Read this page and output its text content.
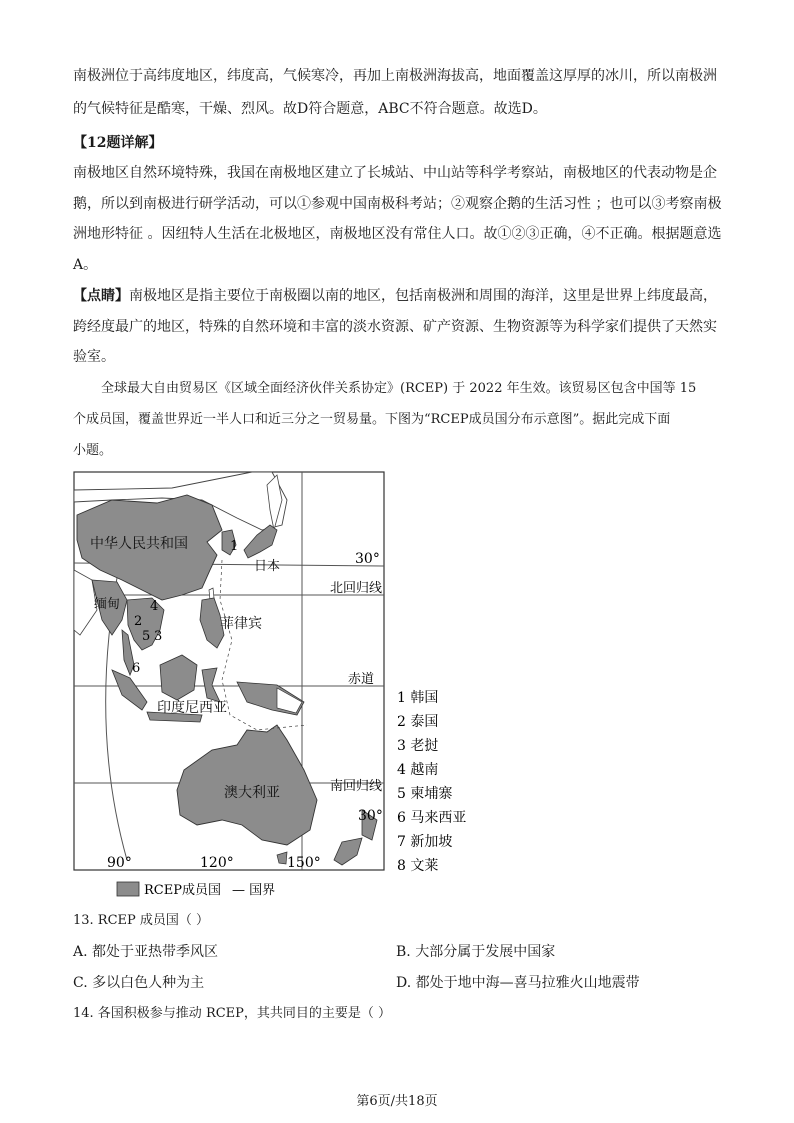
南极洲位于高纬度地区，纬度高，气候寒冷，再加上南极洲海拔高，地面覆盖这厚厚的冰川，所以南极洲
的气候特征是酷寒，干燥、烈风。故D符合题意，ABC不符合题意。故选D。
【12题详解】
南极地区自然环境特殊，我国在南极地区建立了长城站、中山站等科学考察站，南极地区的代表动物是企
鹅，所以到南极进行研学活动，可以①参观中国南极科考站；②观察企鹅的生活习性 ；也可以③考察南极
洲地形特征 。因纽特人生活在北极地区，南极地区没有常住人口。故①②③正确，④不正确。根据题意选
A。
【点睛】南极地区是指主要位于南极圈以南的地区，包括南极洲和周围的海洋，这里是世界上纬度最高，
跨经度最广的地区，特殊的自然环境和丰富的淡水资源、矿产资源、生物资源等为科学家们提供了天然实
验室。
全球最大自由贸易区《区域全面经济伙伴关系协定》(RCEP) 于 2022 年生效。该贸易区包含中国等 15
个成员国，覆盖世界近一半人口和近三分之一贸易量。下图为“RCEP成员国分布示意图”。据此完成下面
小题。
中华人民共和国
日本
菲律宾
缅甸
印度尼西亚
澳大利亚
1
2
5 3
4
6
30°
北回归线
赤道
南回归线
30°
90°	120°	150°
1 韩国
2 泰国
3 老挝
4 越南
5 柬埔寨
6 马来西亚
7 新加坡
8 文莱
RCEP成员国 — 国界
13. RCEP 成员国（ ）
A. 都处于亚热带季风区	B. 大部分属于发展中国家
C. 多以白色人种为主	D. 都处于地中海—喜马拉雅火山地震带
14. 各国积极参与推动 RCEP，其共同目的主要是（ ）
第6页/共18页
